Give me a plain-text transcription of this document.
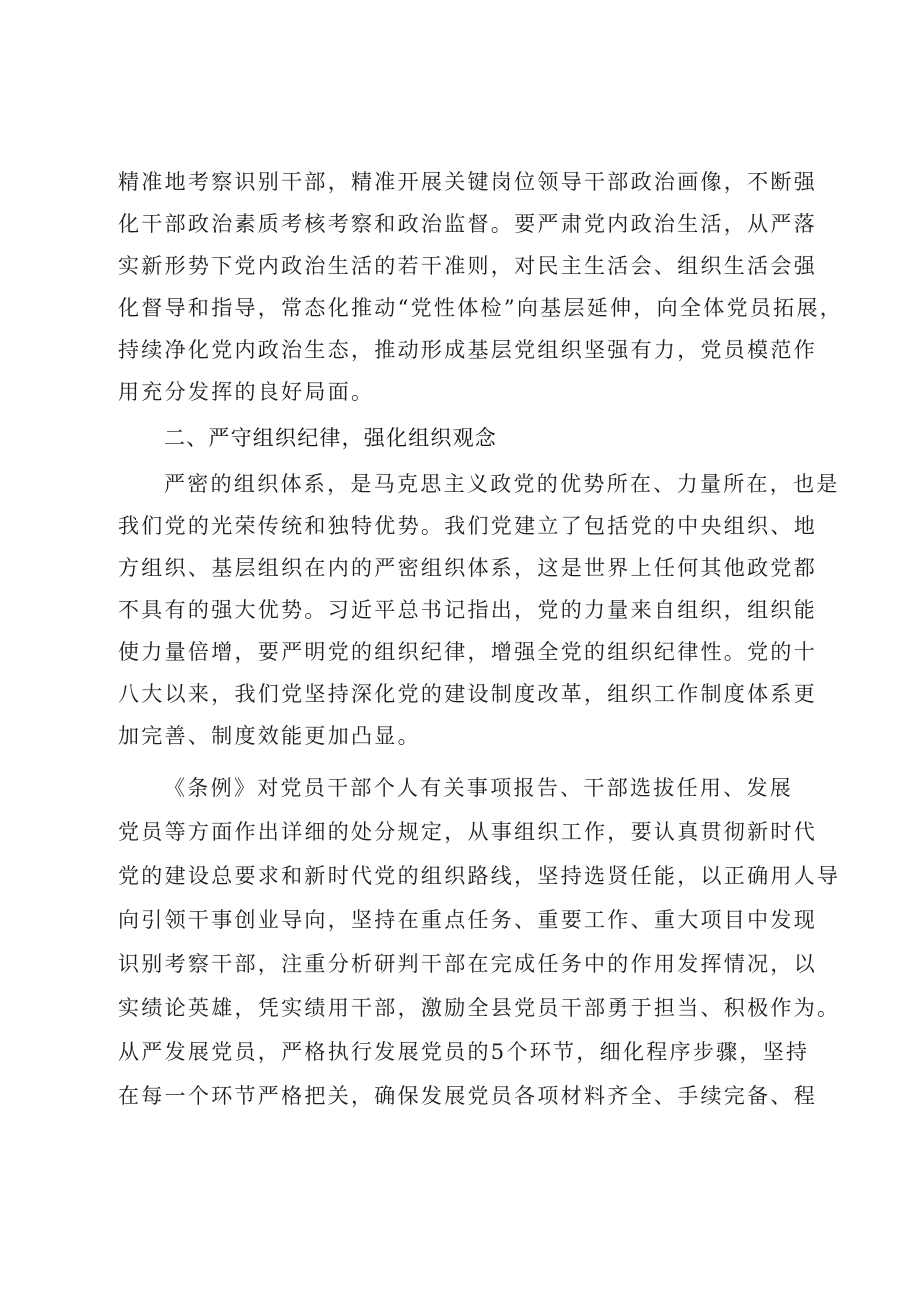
精准地考察识别干部，精准开展关键岗位领导干部政治画像，不断强
化干部政治素质考核考察和政治监督。要严肃党内政治生活，从严落
实新形势下党内政治生活的若干准则，对民主生活会、组织生活会强
化督导和指导，常态化推动“党性体检”向基层延伸，向全体党员拓展，
持续净化党内政治生态，推动形成基层党组织坚强有力，党员模范作
用充分发挥的良好局面。
二、严守组织纪律，强化组织观念
严密的组织体系，是马克思主义政党的优势所在、力量所在，也是
我们党的光荣传统和独特优势。我们党建立了包括党的中央组织、地
方组织、基层组织在内的严密组织体系，这是世界上任何其他政党都
不具有的强大优势。习近平总书记指出，党的力量来自组织，组织能
使力量倍增，要严明党的组织纪律，增强全党的组织纪律性。党的十
八大以来，我们党坚持深化党的建设制度改革，组织工作制度体系更
加完善、制度效能更加凸显。
《条例》对党员干部个人有关事项报告、干部选拔任用、发展
党员等方面作出详细的处分规定，从事组织工作，要认真贯彻新时代
党的建设总要求和新时代党的组织路线，坚持选贤任能，以正确用人导
向引领干事创业导向，坚持在重点任务、重要工作、重大项目中发现
识别考察干部，注重分析研判干部在完成任务中的作用发挥情况，以
实绩论英雄，凭实绩用干部，激励全县党员干部勇于担当、积极作为。
从严发展党员，严格执行发展党员的5个环节，细化程序步骤，坚持
在每一个环节严格把关，确保发展党员各项材料齐全、手续完备、程
